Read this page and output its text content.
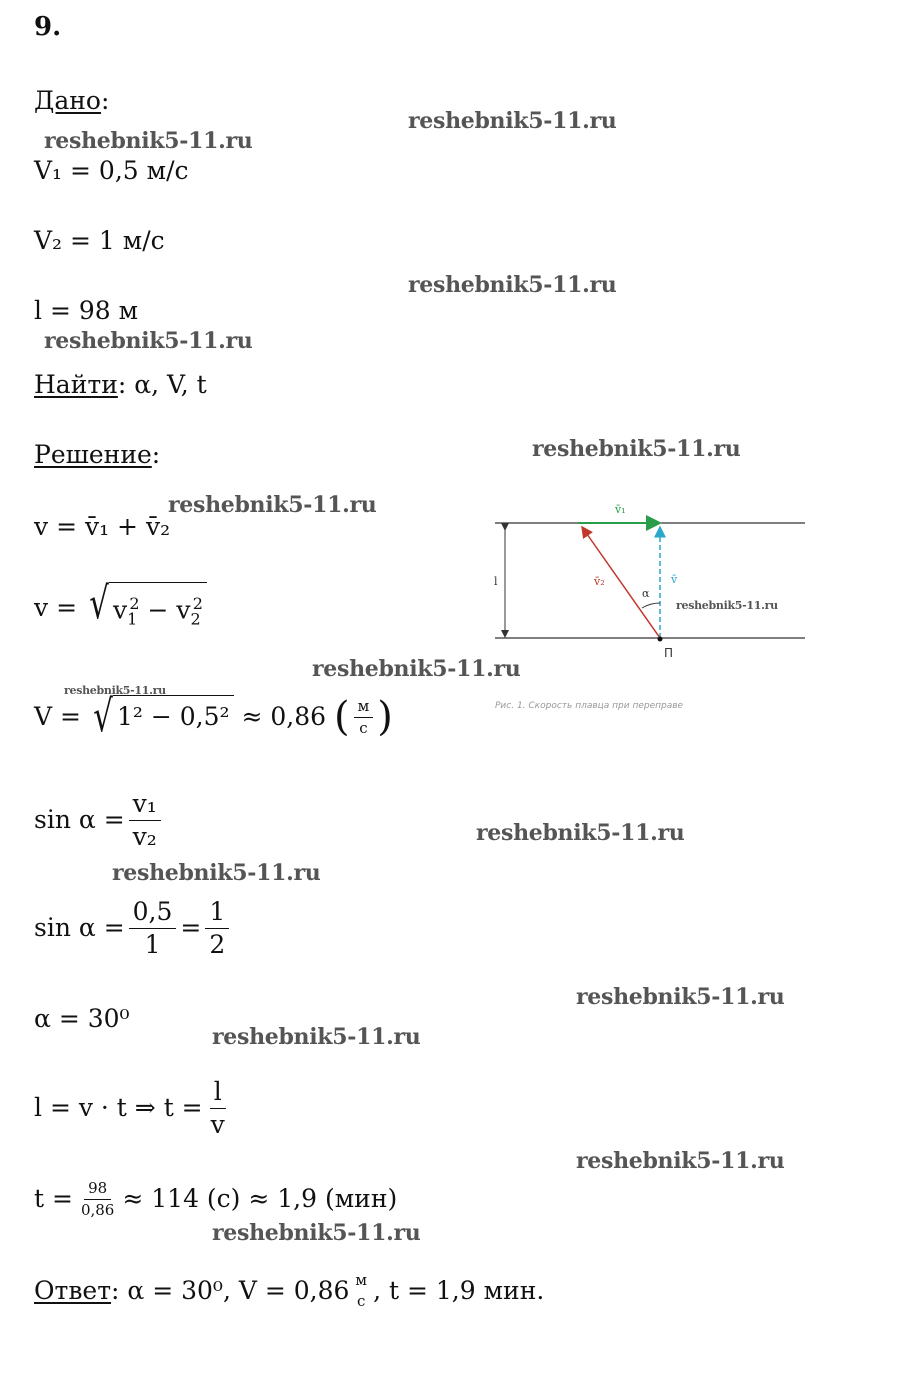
9.
Дано:
V₁ = 0,5 м/с
V₂ = 1 м/с
l = 98 м
Найти: α, V, t
Решение:
v = v̄₁ + v̄₂
v =
√ $v_1^2 - v_2^2$
V =
√ 1² − 0,5²
≈ 0,86
( $\frac{м}{с}$ )
$\sin \alpha = \frac{\text{v₁}}{\text{v₂}}$
$\sin \alpha = \frac{0,5}{1} = \frac{1}{2}$
α = 30⁰
l = v · t ⇒ $t = \frac{l}{v}$
$t = \frac{98}{0,86} \approx 114$ (с) ≈ 1,9 (мин)
Ответ : α = 30⁰, V = 0,86 м
с , t = 1,9 мин.
l
v̄₁
v̄
v̄₂
α
П
Рис. 1. Скорость плавца при переправе
reshebnik5-11.ru
reshebnik5-11.ru
reshebnik5-11.ru
reshebnik5-11.ru
reshebnik5-11.ru
reshebnik5-11.ru
reshebnik5-11.ru
reshebnik5-11.ru
reshebnik5-11.ru
reshebnik5-11.ru
reshebnik5-11.ru
reshebnik5-11.ru
reshebnik5-11.ru
reshebnik5-11.ru
reshebnik5-11.ru
